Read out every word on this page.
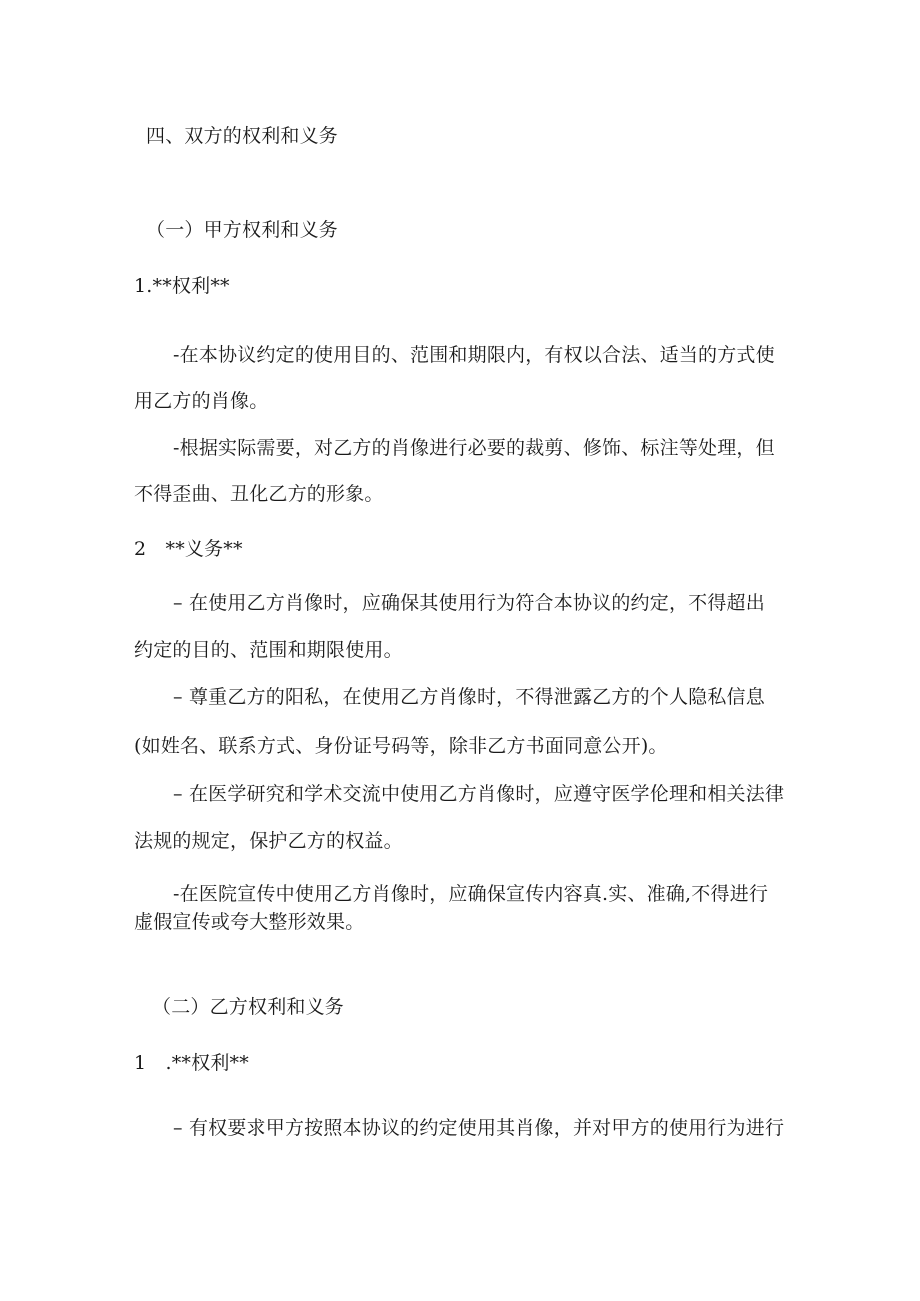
四、双方的权利和义务
（一）甲方权利和义务
1.**权利**
-在本协议约定的使用目的、范围和期限内，有权以合法、适当的方式使
用乙方的肖像。
-根据实际需要，对乙方的肖像进行必要的裁剪、修饰、标注等处理，但
不得歪曲、丑化乙方的形象。
2　**义务**
– 在使用乙方肖像时，应确保其使用行为符合本协议的约定，不得超出
约定的目的、范围和期限使用。
– 尊重乙方的阳私，在使用乙方肖像时，不得泄露乙方的个人隐私信息
(如姓名、联系方式、身份证号码等，除非乙方书面同意公开)。
– 在医学研究和学术交流中使用乙方肖像时，应遵守医学伦理和相关法律
法规的规定，保护乙方的权益。
-在医院宣传中使用乙方肖像时，应确保宣传内容真.实、准确,不得进行
虚假宣传或夸大整形效果。
（二）乙方权利和义务
1　.**权利**
– 有权要求甲方按照本协议的约定使用其肖像，并对甲方的使用行为进行
